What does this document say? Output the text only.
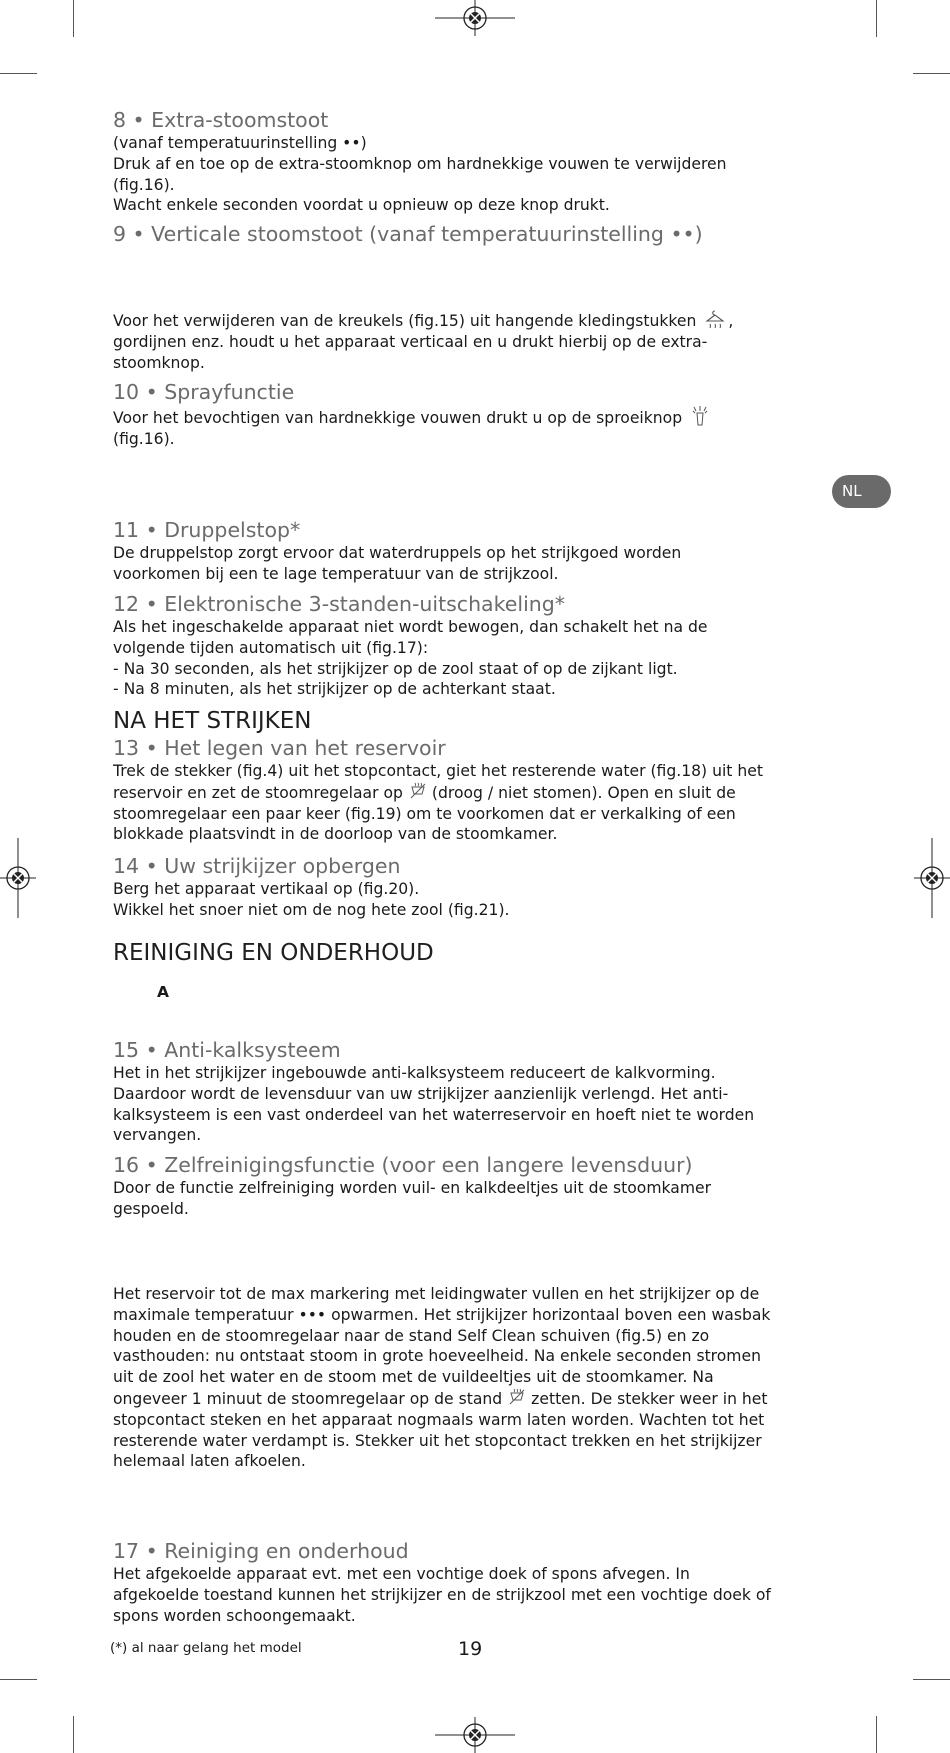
NL
8 • Extra-stoomstoot
(vanaf temperatuurinstelling ••)
Druk af en toe op de extra-stoomknop om hardnekkige vouwen te verwijderen
(fig.16).
Wacht enkele seconden voordat u opnieuw op deze knop drukt.
9 • Verticale stoomstoot (vanaf temperatuurinstelling ••)
Voor het verwijderen van de kreukels (fig.15) uit hangende kledingstukken ,
gordijnen enz. houdt u het apparaat verticaal en u drukt hierbij op de extra-
stoomknop.
10 • Sprayfunctie
Voor het bevochtigen van hardnekkige vouwen drukt u op de sproeiknop
(fig.16).
11 • Druppelstop*
De druppelstop zorgt ervoor dat waterdruppels op het strijkgoed worden
voorkomen bij een te lage temperatuur van de strijkzool.
12 • Elektronische 3-standen-uitschakeling*
Als het ingeschakelde apparaat niet wordt bewogen, dan schakelt het na de
volgende tijden automatisch uit (fig.17):
- Na 30 seconden, als het strijkijzer op de zool staat of op de zijkant ligt.
- Na 8 minuten, als het strijkijzer op de achterkant staat.
NA HET STRIJKEN
13 • Het legen van het reservoir
Trek de stekker (fig.4) uit het stopcontact, giet het resterende water (fig.18) uit het
reservoir en zet de stoomregelaar op (droog / niet stomen). Open en sluit de
stoomregelaar een paar keer (fig.19) om te voorkomen dat er verkalking of een
blokkade plaatsvindt in de doorloop van de stoomkamer.
14 • Uw strijkijzer opbergen
Berg het apparaat vertikaal op (fig.20).
Wikkel het snoer niet om de nog hete zool (fig.21).
REINIGING EN ONDERHOUD
A
15 • Anti-kalksysteem
Het in het strijkijzer ingebouwde anti-kalksysteem reduceert de kalkvorming.
Daardoor wordt de levensduur van uw strijkijzer aanzienlijk verlengd. Het anti-
kalksysteem is een vast onderdeel van het waterreservoir en hoeft niet te worden
vervangen.
16 • Zelfreinigingsfunctie (voor een langere levensduur)
Door de functie zelfreiniging worden vuil- en kalkdeeltjes uit de stoomkamer
gespoeld.
Het reservoir tot de max markering met leidingwater vullen en het strijkijzer op de
maximale temperatuur ••• opwarmen. Het strijkijzer horizontaal boven een wasbak
houden en de stoomregelaar naar de stand Self Clean schuiven (fig.5) en zo
vasthouden: nu ontstaat stoom in grote hoeveelheid. Na enkele seconden stromen
uit de zool het water en de stoom met de vuildeeltjes uit de stoomkamer. Na
ongeveer 1 minuut de stoomregelaar op de stand zetten. De stekker weer in het
stopcontact steken en het apparaat nogmaals warm laten worden. Wachten tot het
resterende water verdampt is. Stekker uit het stopcontact trekken en het strijkijzer
helemaal laten afkoelen.
17 • Reiniging en onderhoud
Het afgekoelde apparaat evt. met een vochtige doek of spons afvegen. In
afgekoelde toestand kunnen het strijkijzer en de strijkzool met een vochtige doek of
spons worden schoongemaakt.
(*) al naar gelang het model	19
